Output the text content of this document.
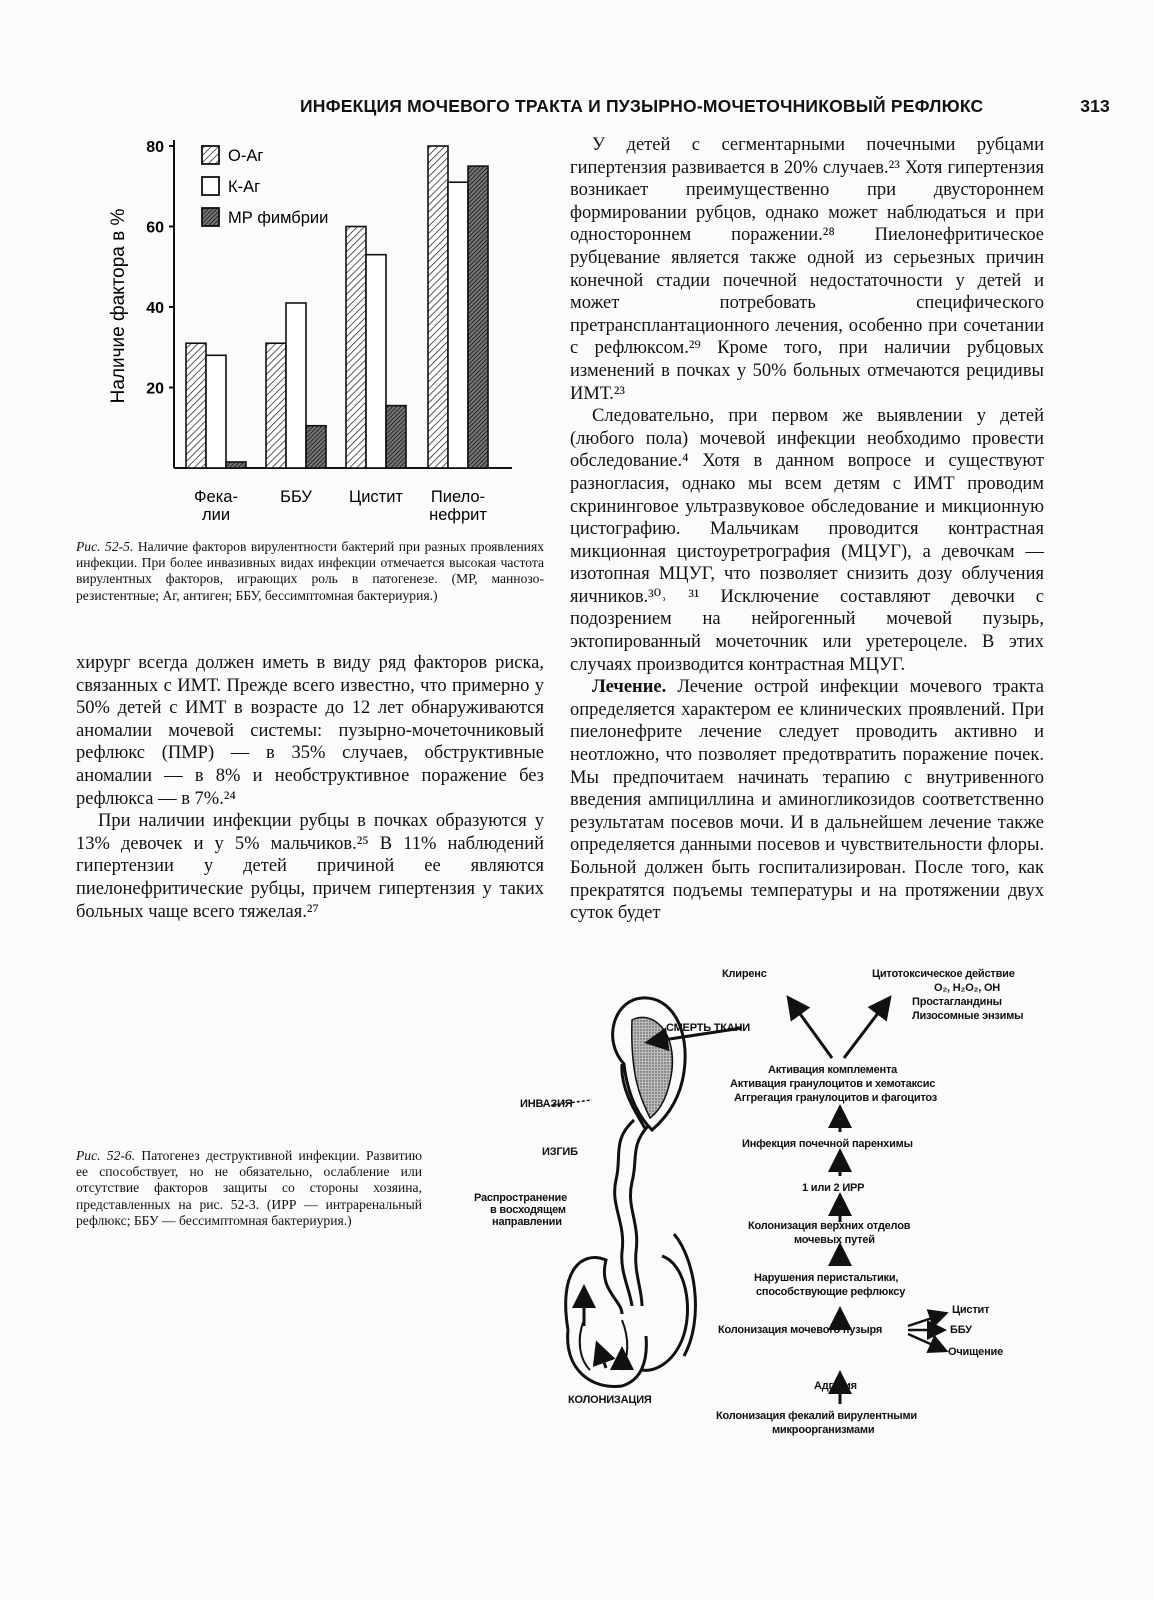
ИНФЕКЦИЯ МОЧЕВОГО ТРАКТА И ПУЗЫРНО-МОЧЕТОЧНИКОВЫЙ РЕФЛЮКС	313
Наличие фактора в % 20
40
60
80	О-Аг
К-Аг
МР фимбрии
Фека-
лии
ББУ Цистит Пиело-
нефрит
Рис. 52-5. Наличие факторов вирулентности бактерий при разных проявлениях инфекции. При более инвазивных видах инфекции отмечается высокая частота вирулентных факторов, играющих роль в патогенезе. (МР, маннозо-резистентные; Аг, антиген; ББУ, бессимптомная бактериурия.)

У детей с сегментарными почечными рубцами гипертензия развивается в 20% случаев.²³ Хотя гипертензия возникает преимущественно при двустороннем формировании рубцов, однако может наблюдаться и при одностороннем поражении.²⁸ Пиелонефритическое рубцевание является также одной из серьезных причин конечной стадии почечной недостаточности у детей и может потребовать специфического претрансплантационного лечения, особенно при сочетании с рефлюксом.²⁹ Кроме того, при наличии рубцовых изменений в почках у 50% больных отмечаются рецидивы ИМТ.²³

Следовательно, при первом же выявлении у детей (любого пола) мочевой инфекции необходимо провести обследование.⁴ Хотя в данном вопросе и существуют разногласия, однако мы всем детям с ИМТ проводим скрининговое ультразвуковое обследование и микционную цистографию. Мальчикам проводится контрастная микционная цистоуретрография (МЦУГ), а девочкам — изотопная МЦУГ, что позволяет снизить дозу облучения яичников.³⁰˒ ³¹ Исключение составляют девочки с подозрением на нейрогенный мочевой пузырь, эктопированный мочеточник или уретероцеле. В этих случаях производится контрастная МЦУГ.

Лечение. Лечение острой инфекции мочевого тракта определяется характером ее клинических проявлений. При пиелонефрите лечение следует проводить активно и неотложно, что позволяет предотвратить поражение почек. Мы предпочитаем начинать терапию с внутривенного введения ампициллина и аминогликозидов соответственно результатам посевов мочи. И в дальнейшем лечение также определяется данными посевов и чувствительности флоры. Больной должен быть госпитализирован. После того, как прекратятся подъемы температуры и на протяжении двух суток будет

хирург всегда должен иметь в виду ряд факторов риска, связанных с ИМТ. Прежде всего известно, что примерно у 50% детей с ИМТ в возрасте до 12 лет обнаруживаются аномалии мочевой системы: пузырно-мочеточниковый рефлюкс (ПМР) — в 35% случаев, обструктивные аномалии — в 8% и необструктивное поражение без рефлюкса — в 7%.²⁴

При наличии инфекции рубцы в почках образуются у 13% девочек и у 5% мальчиков.²⁵ В 11% наблюдений гипертензии у детей причиной ее являются пиелонефритические рубцы, причем гипертензия у таких больных чаще всего тяжелая.²⁷

Рис. 52-6. Патогенез деструктивной инфекции. Развитию ее способствует, но не обязательно, ослабление или отсутствие факторов защиты со стороны хозяина, представленных на рис. 52-3. (ИРР — интраренальный рефлюкс; ББУ — бессимптомная бактериурия.)
Клиренс	Цитотоксическое действие
O₂, H₂O₂, OH
Простагландины
Лизосомные энзимы
СМЕРТЬ ТКАНИ
ИНВАЗИЯ
ИЗГИБ
Распространение
в восходящем
направлении
КОЛОНИЗАЦИЯ
Активация комплемента
Активация гранулоцитов и хемотаксис
Аггрегация гранулоцитов и фагоцитоз
Инфекция почечной паренхимы
1 или 2 ИРР
Колонизация верхних отделов
мочевых путей
Нарушения перистальтики,
способствующие рефлюксу
Колонизация мочевого пузыря
Цистит
ББУ
Очищение
Адгезия
Колонизация фекалий вирулентными
микроорганизмами
